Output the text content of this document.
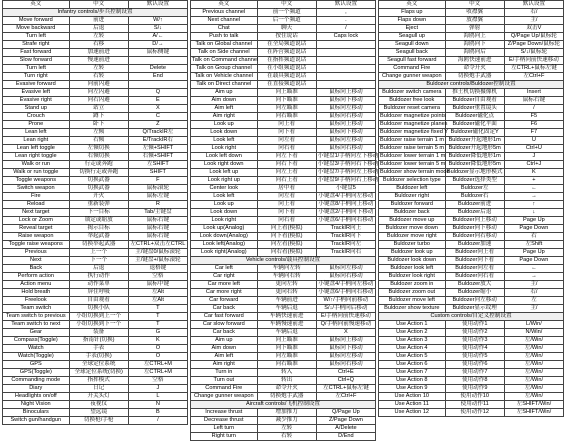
英文	中文	默认设置
Infantry controls/步兵控制设置		
Move forward	前进	W/↑
Move backward	后退	S/↓
Turn left	左转	A/←
Strafe right	右移	D/→
Fast forward	加速前进	鼠标侧键
Slow forward	慢速前进	
Turn left	左转	Delete
Turn right	右转	End
Evasive forward	向前闪避	
Evasive left	向左闪避	Q
Evasive right	向右闪避	E
Stand up	站立	X
Crouch	蹲下	C
Prone	卧下	Z
Lean left	左倾	Q/TrackIR左
Lean right	右倾	E/TrackIR右
Lean left toggle	左倾切换	左倾+SHIFT
Lean right toggle	右倾切换	右倾+SHIFT
Walk or run	行走或奔跑	左SHIFT
Walk or run toggle	切换行走或奔跑	SHIFT
Toggle weapons	切换武器	F
Switch weapon	切换武器	鼠标滚轮
Fire	开火	鼠标左键
Reload	重新装弹	R
Next target	下一目标	Tab/主键盘
Lock or Zoom	锁定或缩放	鼠标右键
Reveal target	揭示目标	鼠标右键
Raise weapon	举起武器	鼠标右键
Toggle raise weapons	切换举起武器	左CTRL+双击左CTRL
Previous	上一个	主/键盘0/鼠标滚轮
Next	下一个	主/键盘+/鼠标滚轮
Back	后退	退格键
Perform action	执行动作	空格
Action menu	动作菜单	鼠标中键
Hold breath	屏住呼吸	左Alt
Freelook	自由观看	左Alt
Team switch	切换小队	T
Team switch to previous	小组切换到上一个	T
Team switch to next	小组切换到下一个	T
Gear	装备	G
Compass(Toggle)	指南针(切换)	K
Watch	手表	O
Watch(Toggle)	手表(切换)	O
GPS	全球定位系统	左CTRL+M
GPS(Toggle)	全球定位系统(切换)	左CTRL+M
Commanding mode	指挥模式	空格
Diary	日记	J
Headlights on/off	开关头灯	L
Night Vision	夜视仪	N
Binoculars	望远镜	B
Switch gun/handgun	切换枪/手枪	/
英文	中文	默认设置
Previous channel	前一个频道	,
Next channel	后一个频道	.
Chat	聊天	/
Push to talk	按住说话	Caps lock
Talk on Global channel	在全局频道说话	
Talk on Side channel	在阵营频道说话	
Talk on Command channel	在指挥频道说话	
Talk on Group channel	在小组频道说话	
Talk on Vehicle channel	在载具频道说话	
Talk on Direct channel	在直接频道说话	
Aim up	向上瞄准	鼠标向上移动
Aim down	向下瞄准	鼠标向下移动
Aim left	向左瞄准	鼠标向左移动
Aim right	向右瞄准	鼠标向右移动
Look up	向上看	鼠标向上移动
Look down	向下看	鼠标向下移动
Look left	向左看	鼠标向左移动
Look right	向右看	鼠标向右移动
Look left down	向左下看	小键盘1/手柄向左下移动
Look right down	向右下看	小键盘3/手柄向右下移动
Look left up	向左上看	小键盘7/手柄向左上移动
Look right up	向右上看	小键盘9/手柄向右上移动
Center look	居中看	小键盘5
Look left	向左看	小键盘4/手柄向左移动
Look up	向上看	小键盘8/手柄向上移动
Look down	向下看	小键盘2/手柄向下移动
Look right	向右看	小键盘6/手柄向右移动
Look up(Analog)	向上看(模拟)	TrackIR向上
Look down(Analog)	向下看(模拟)	TrackIR向下
Look left(Analog)	向左看(模拟)	TrackIR向左
Look right(Analog)	向右看(模拟)	TrackIR向右
Vehicle controls/载具控制设置		
Car left	车辆向左转	鼠标向左移动
Car right	车辆向右转	鼠标向右移动
Car more left	更向左转	小键盘4/手柄向左移动
Car more right	更向右转	小键盘6/手柄向右移动
Car forward	车辆前进	W/↑/手柄向前移动
Car back	车辆后退	S/↓/手柄向后移动
Car fast forward	车辆快速前进	E/手柄向前快速移动
Car slow forward	车辆慢速前进	Q/手柄向前慢速移动
Car back	车辆后退	X
Aim up	向上瞄准	鼠标向上移动
Aim down	向下瞄准	鼠标向下移动
Aim left	向左瞄准	鼠标向左移动
Aim right	向右瞄准	鼠标向右移动
Turn in	转入	Ctrl+E
Turn out	转出	Ctrl+Q
Command Fire	命令开火	左CTRL+鼠标左键
Change gunner weapon	切换炮手武器	左Ctrl+F
Aircraft controls/飞机控制设置		
Increase thrust	增加推力	Q/Page Up
Decrease thrust	减少推力	Z/Page Down
Left turn	左转	A/Delete
Right turn	右转	D/End
英文	中文	默认设置
Flaps up	收襟翼	右/
Flaps down	放襟翼	主/
Eject	弹射	双击V
Seagull up	海鸥向上	Q/Page Up/鼠标轮
Seagull down	海鸥向下	Z/Page Down/鼠标轮
Seagull back	海鸥向后	S/↓/鼠标轮
Seagull fast forward	海鸥快速前进	E/手柄向前快速移动
Command Fire	命令开火	左CTRL+鼠标左键
Change gunner weapon	切换炮手武器	左Ctrl+F
Buldozer controls/Buldozer控制设置		
Buldozer switch camera	推土机切换摄像机	Insert
Buldozer free look	Buldozer自由观看	鼠标右键
Buldozer reset camera	Buldozer重置镜头	/
Buldozer magnetize points	Buldozer磁化点	F5
Buldozer magnetize planes	Buldozer磁化平面	F6
Buldozer magnetize fixed Y	Buldozer磁化固定Y	F7
Buldozer raise terrain 1 m	Buldozer升起地形1m	U
Buldozer raise terrain 5 m	Buldozer升起地形5m	Ctrl+U
Buldozer lower terrain 1 m	Buldozer降低地形1m	J
Buldozer lower terrain 5 m	Buldozer降低地形5m	Ctrl+J
Buldozer show terrain mode	Buldozer显示地形模式	K
Buldozer selection type	Buldozer选择类型	+
Buldozer left	Buldozer左	←
Buldozer right	Buldozer右	→
Buldozer forward	Buldozer前进	↑
Buldozer back	Buldozer后退	↓
Buldozer move up	Buldozer向上移动	Page Up
Buldozer move down	Buldozer向下移动	Page Down
Buldozer move right	Buldozer向右移动	右
Buldozer turbo	Buldozer加速	左Shift
Buldozer look up	Buldozer向上看	Page Up
Buldozer look down	Buldozer向下看	Page Down
Buldozer look left	Buldozer向左看	←
Buldozer look right	Buldozer向右看	→
Buldozer zoom in	Buldozer放大	主/
Buldozer zoom out	Buldozer缩小	右/
Buldozer move left	Buldozer向左移动	左
Buldozer show texture	Buldozer显示纹理	主/
Custom controls/自定义控制设置		
Use Action 1	使用动作1	L/Win/
Use Action 2	使用动作2	N/Win/
Use Action 3	使用动作3	左/Win/
Use Action 4	使用动作4	左/Win/
Use Action 5	使用动作5	左/Win/
Use Action 6	使用动作6	左/Win/
Use Action 7	使用动作7	左/Win/
Use Action 8	使用动作8	左/Win/
Use Action 9	使用动作9	左/Win/
Use Action 10	使用动作10	左/Win/
Use Action 11	使用动作11	左SHIFT/Win/
Use Action 12	使用动作12	左SHIFT/Win/
